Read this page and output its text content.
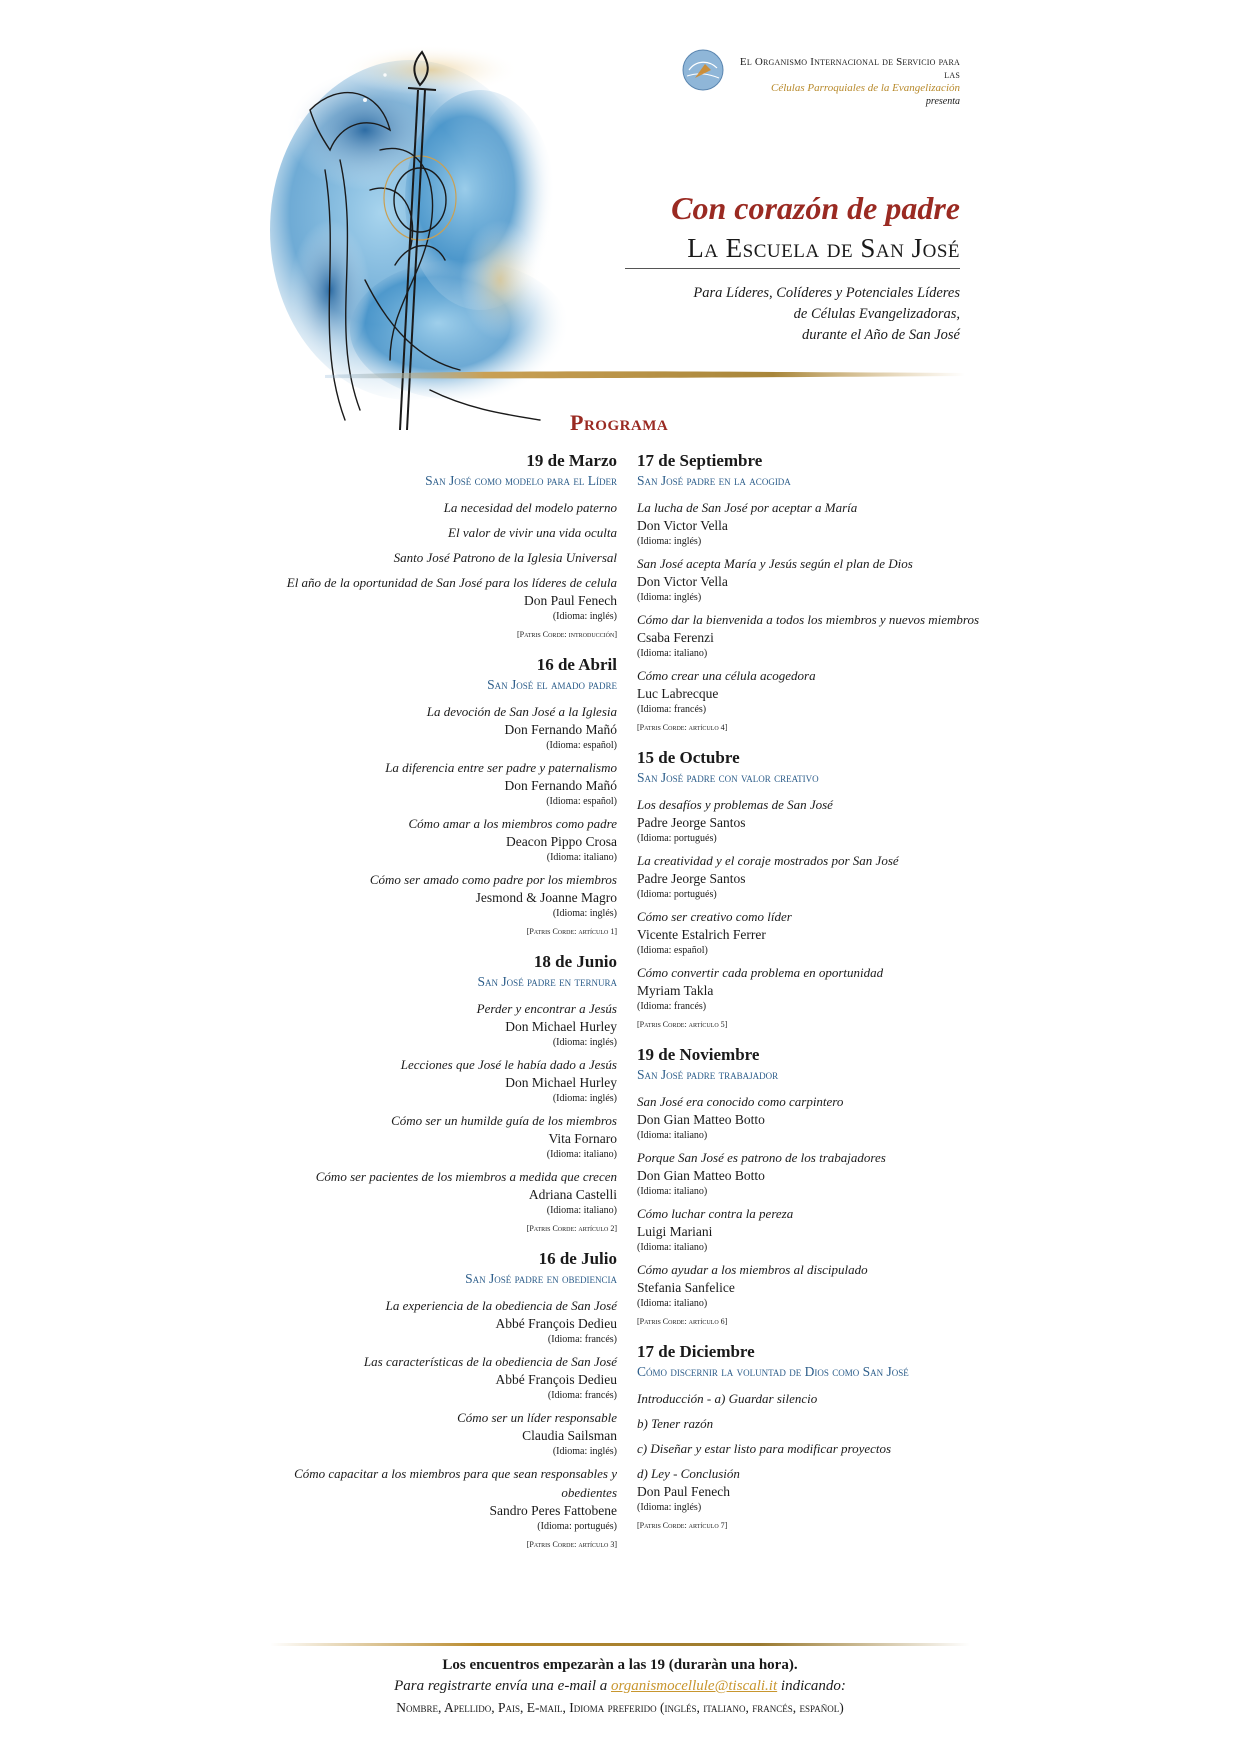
El Organismo Internacional de Servicio para las
Células Parroquiales de la Evangelización
presenta
Con corazón de padre
La Escuela de San José
Para Líderes, Colíderes y Potenciales Líderes
de Células Evangelizadoras,
durante el Año de San José
Programa
19 de Marzo
San José como modelo para el Líder
La necesidad del modelo paterno
El valor de vivir una vida oculta
Santo José Patrono de la Iglesia Universal
El año de la oportunidad de San José para los líderes de celula
Don Paul Fenech
(Idioma: inglés)
[Patris Corde: introducción]
16 de Abril
San José el amado padre
La devoción de San José a la Iglesia
Don Fernando Mañó
(Idioma: español)
La diferencia entre ser padre y paternalismo
Don Fernando Mañó
(Idioma: español)
Cómo amar a los miembros como padre
Deacon Pippo Crosa
(Idioma: italiano)
Cómo ser amado como padre por los miembros
Jesmond & Joanne Magro
(Idioma: inglés)
[Patris Corde: artículo 1]
18 de Junio
San José padre en ternura
Perder y encontrar a Jesús
Don Michael Hurley
(Idioma: inglés)
Lecciones que José le había dado a Jesús
Don Michael Hurley
(Idioma: inglés)
Cómo ser un humilde guía de los miembros
Vita Fornaro
(Idioma: italiano)
Cómo ser pacientes de los miembros a medida que crecen
Adriana Castelli
(Idioma: italiano)
[Patris Corde: artículo 2]
16 de Julio
San José padre en obediencia
La experiencia de la obediencia de San José
Abbé François Dedieu
(Idioma: francés)
Las características de la obediencia de San José
Abbé François Dedieu
(Idioma: francés)
Cómo ser un líder responsable
Claudia Sailsman
(Idioma: inglés)
Cómo capacitar a los miembros para que sean responsables y obedientes
Sandro Peres Fattobene
(Idioma: portugués)
[Patris Corde: artículo 3]
17 de Septiembre
San José padre en la acogida
La lucha de San José por aceptar a María
Don Victor Vella
(Idioma: inglés)
San José acepta María y Jesús según el plan de Dios
Don Victor Vella
(Idioma: inglés)
Cómo dar la bienvenida a todos los miembros y nuevos miembros
Csaba Ferenzi
(Idioma: italiano)
Cómo crear una célula acogedora
Luc Labrecque
(Idioma: francés)
[Patris Corde: artículo 4]
15 de Octubre
San José padre con valor creativo
Los desafíos y problemas de San José
Padre Jeorge Santos
(Idioma: portugués)
La creatividad y el coraje mostrados por San José
Padre Jeorge Santos
(Idioma: portugués)
Cómo ser creativo como líder
Vicente Estalrich Ferrer
(Idioma: español)
Cómo convertir cada problema en oportunidad
Myriam Takla
(Idioma: francés)
[Patris Corde: artículo 5]
19 de Noviembre
San José padre trabajador
San José era conocido como carpintero
Don Gian Matteo Botto
(Idioma: italiano)
Porque San José es patrono de los trabajadores
Don Gian Matteo Botto
(Idioma: italiano)
Cómo luchar contra la pereza
Luigi Mariani
(Idioma: italiano)
Cómo ayudar a los miembros al discipulado
Stefania Sanfelice
(Idioma: italiano)
[Patris Corde: artículo 6]
17 de Diciembre
Cómo discernir la voluntad de Dios como San José
Introducción - a) Guardar silencio
b) Tener razón
c) Diseñar y estar listo para modificar proyectos
d) Ley - Conclusión
Don Paul Fenech
(Idioma: inglés)
[Patris Corde: artículo 7]
Los encuentros empezaràn a las 19 (duraràn una hora).
Para registrarte envía una e-mail a organismocellule@tiscali.it indicando:
Nombre, Apellido, Pais, E-mail, Idioma preferido (inglés, italiano, francés, español)
